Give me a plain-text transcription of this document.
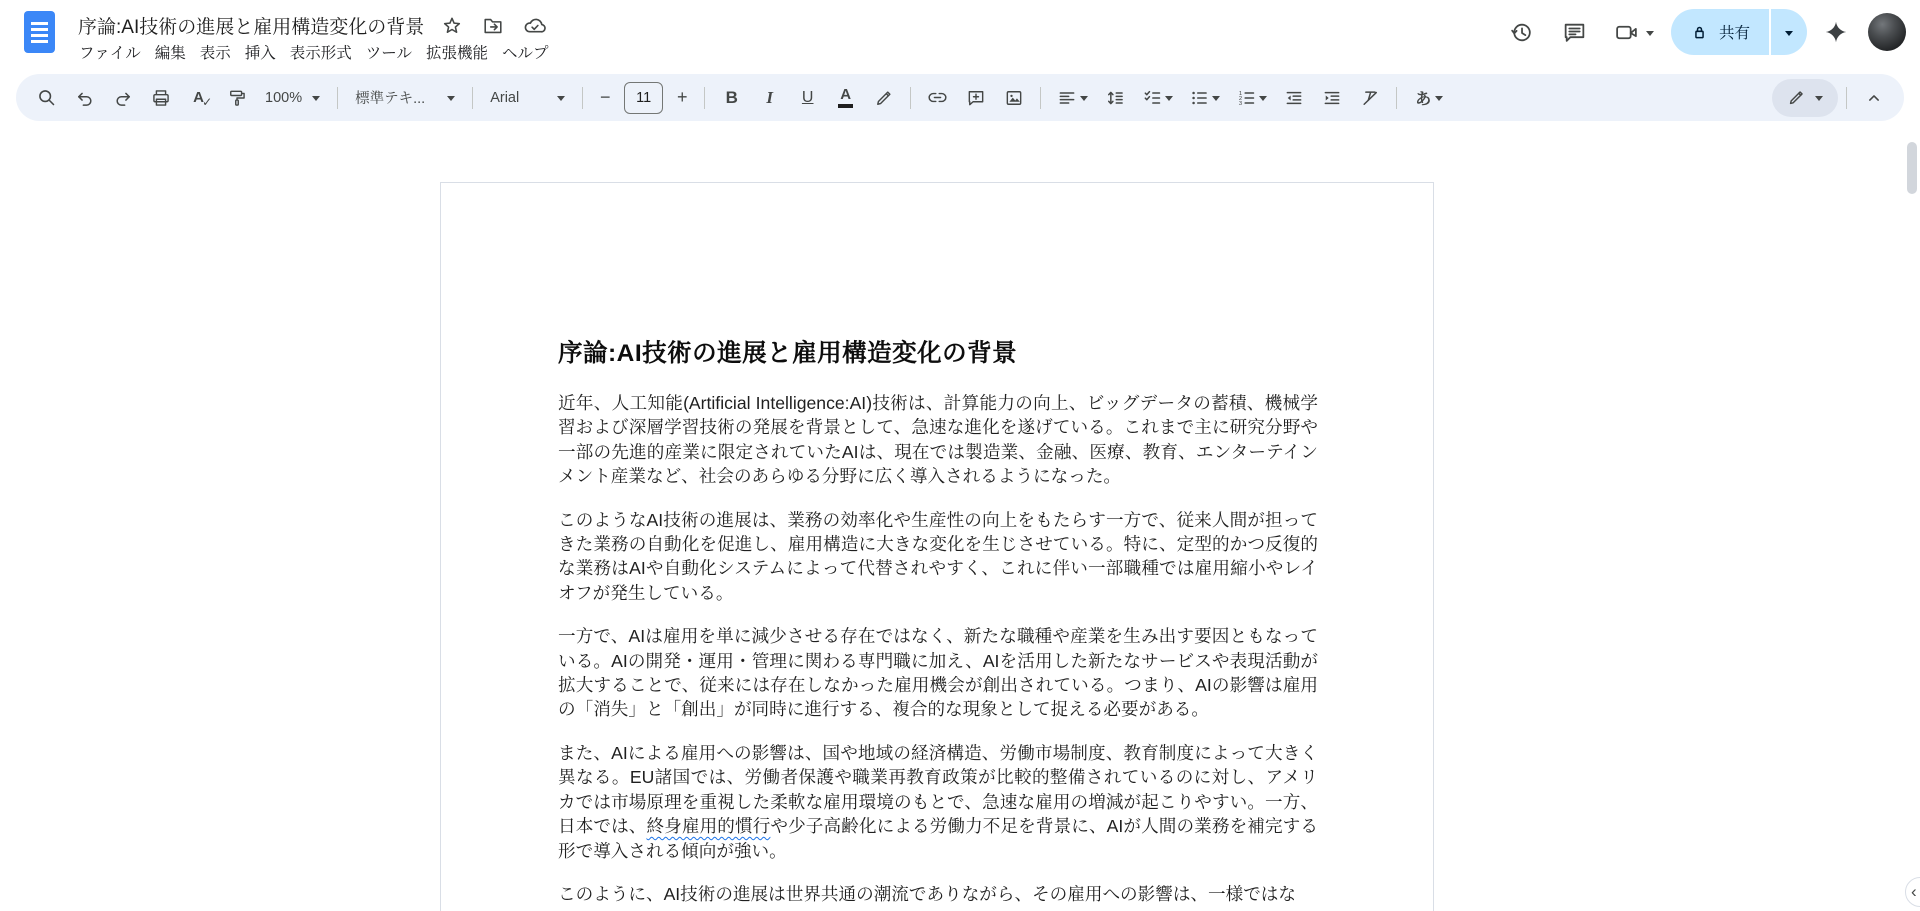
序論:AI技術の進展と雇用構造変化の背景
ファイル 編集 表示 挿入 表示形式 ツール 拡張機能 ヘルプ
共有
A
✓	100%	標準テキ...	Arial	−	11	+	B	I	U	A	1
2
3	あ
序論:AI技術の進展と雇用構造変化の背景

近年、人工知能(Artificial Intelligence:AI)技術は、計算能力の向上、ビッグデータの蓄積、機械学習および深層学習技術の発展を背景として、急速な進化を遂げている。これまで主に研究分野や一部の先進的産業に限定されていたAIは、現在では製造業、金融、医療、教育、エンターテインメント産業など、社会のあらゆる分野に広く導入されるようになった。

このようなAI技術の進展は、業務の効率化や生産性の向上をもたらす一方で、従来人間が担ってきた業務の自動化を促進し、雇用構造に大きな変化を生じさせている。特に、定型的かつ反復的な業務はAIや自動化システムによって代替されやすく、これに伴い一部職種では雇用縮小やレイオフが発生している。

一方で、AIは雇用を単に減少させる存在ではなく、新たな職種や産業を生み出す要因ともなっている。AIの開発・運用・管理に関わる専門職に加え、AIを活用した新たなサービスや表現活動が拡大することで、従来には存在しなかった雇用機会が創出されている。つまり、AIの影響は雇用の「消失」と「創出」が同時に進行する、複合的な現象として捉える必要がある。

また、AIによる雇用への影響は、国や地域の経済構造、労働市場制度、教育制度によって大きく異なる。EU諸国では、労働者保護や職業再教育政策が比較的整備されているのに対し、アメリカでは市場原理を重視した柔軟な雇用環境のもとで、急速な雇用の増減が起こりやすい。一方、日本では、終身雇用的慣行や少子高齢化による労働力不足を背景に、AIが人間の業務を補完する形で導入される傾向が強い。

このように、AI技術の進展は世界共通の潮流でありながら、その雇用への影響は、一様ではな	‹
